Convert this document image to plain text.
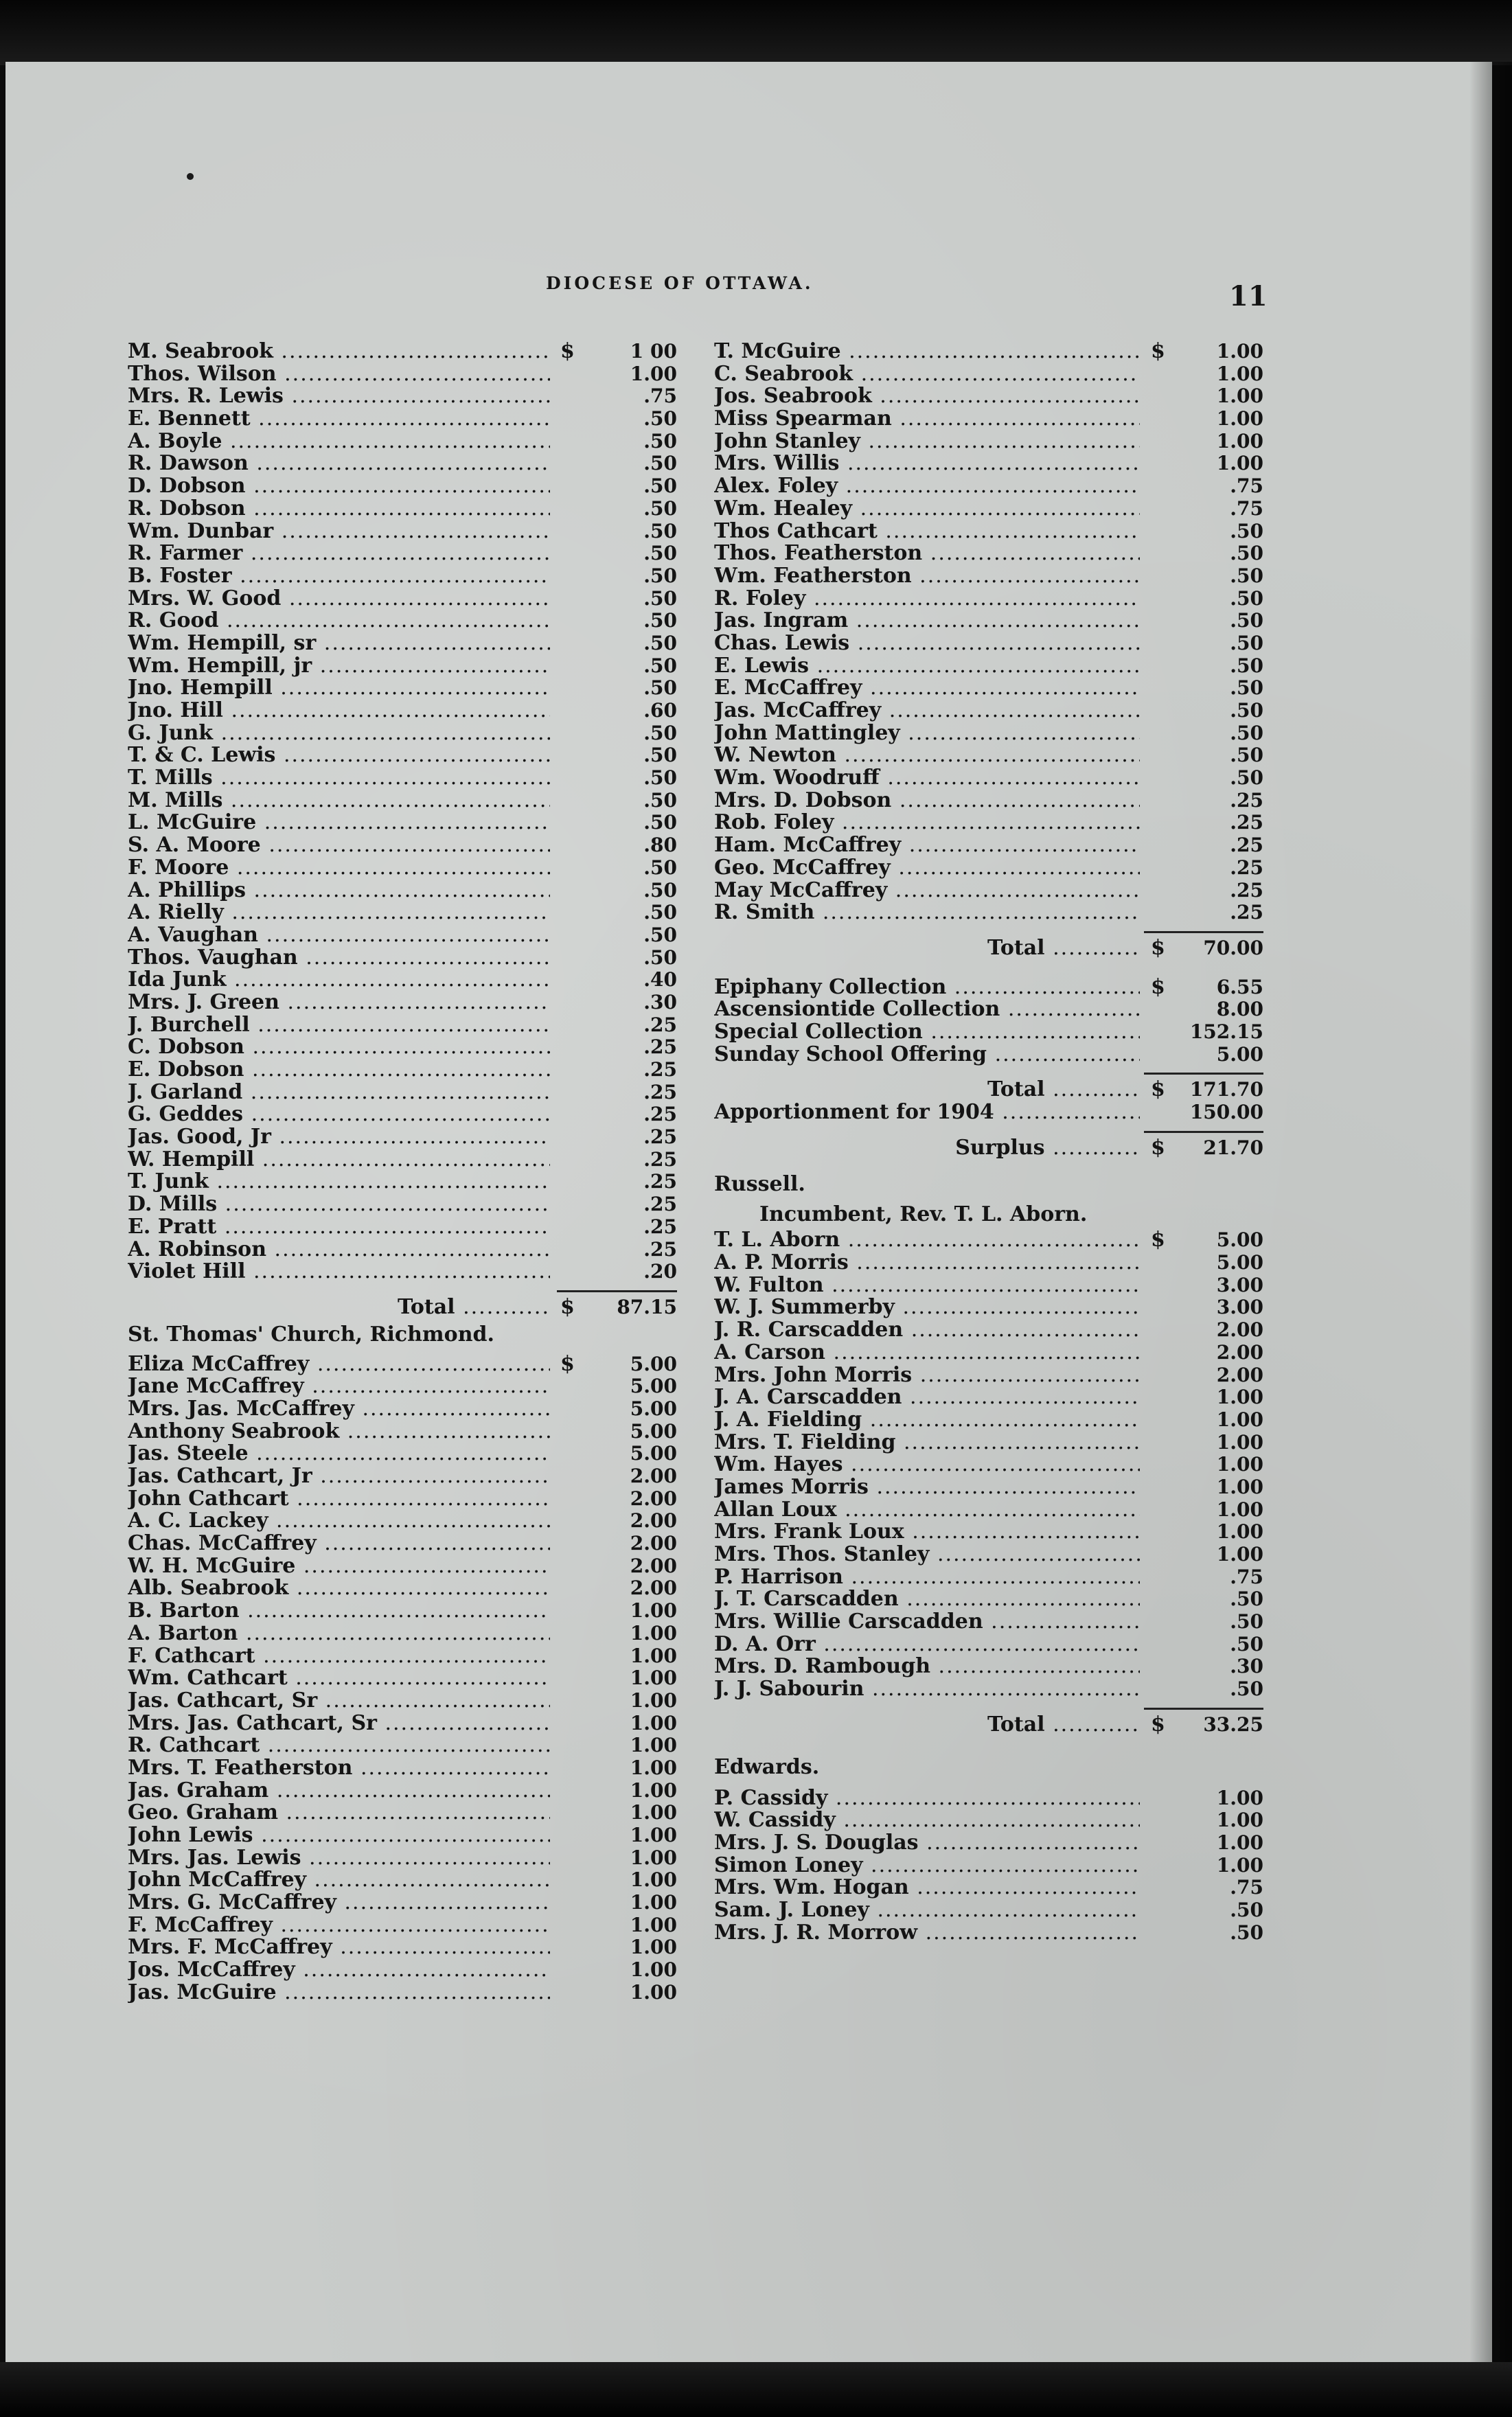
DIOCESE OF OTTAWA.	11
M. Seabrook .....	$	1 00
Thos. Wilson .....	1.00
Mrs. R. Lewis .....	.75
E. Bennett .....	.50
A. Boyle .....	.50
R. Dawson .....	.50
D. Dobson .....	.50
R. Dobson .....	.50
Wm. Dunbar .....	.50
R. Farmer .....	.50
B. Foster .....	.50
Mrs. W. Good .....	.50
R. Good .....	.50
Wm. Hempill, sr .....	.50
Wm. Hempill, jr .....	.50
Jno. Hempill .....	.50
Jno. Hill .....	.60
G. Junk .....	.50
T. & C. Lewis .....	.50
T. Mills .....	.50
M. Mills .....	.50
L. McGuire .....	.50
S. A. Moore .....	.80
F. Moore .....	.50
A. Phillips .....	.50
A. Rielly .....	.50
A. Vaughan .....	.50
Thos. Vaughan .....	.50
Ida Junk .....	.40
Mrs. J. Green .....	.30
J. Burchell .....	.25
C. Dobson .....	.25
E. Dobson .....	.25
J. Garland .....	.25
G. Geddes .....	.25
Jas. Good, Jr .....	.25
W. Hempill .....	.25
T. Junk .....	.25
D. Mills .....	.25
E. Pratt .....	.25
A. Robinson .....	.25
Violet Hill .....	.20
Total .....	$	87.15
St. Thomas' Church, Richmond.
Eliza McCaffrey .....	$	5.00
Jane McCaffrey .....	5.00
Mrs. Jas. McCaffrey .....	5.00
Anthony Seabrook .....	5.00
Jas. Steele .....	5.00
Jas. Cathcart, Jr .....	2.00
John Cathcart .....	2.00
A. C. Lackey .....	2.00
Chas. McCaffrey .....	2.00
W. H. McGuire .....	2.00
Alb. Seabrook .....	2.00
B. Barton .....	1.00
A. Barton .....	1.00
F. Cathcart .....	1.00
Wm. Cathcart .....	1.00
Jas. Cathcart, Sr .....	1.00
Mrs. Jas. Cathcart, Sr .....	1.00
R. Cathcart .....	1.00
Mrs. T. Featherston .....	1.00
Jas. Graham .....	1.00
Geo. Graham .....	1.00
John Lewis .....	1.00
Mrs. Jas. Lewis .....	1.00
John McCaffrey .....	1.00
Mrs. G. McCaffrey .....	1.00
F. McCaffrey .....	1.00
Mrs. F. McCaffrey .....	1.00
Jos. McCaffrey .....	1.00
Jas. McGuire .....	1.00
T. McGuire .....	$	1.00
C. Seabrook .....	1.00
Jos. Seabrook .....	1.00
Miss Spearman .....	1.00
John Stanley .....	1.00
Mrs. Willis .....	1.00
Alex. Foley .....	.75
Wm. Healey .....	.75
Thos Cathcart .....	.50
Thos. Featherston .....	.50
Wm. Featherston .....	.50
R. Foley .....	.50
Jas. Ingram .....	.50
Chas. Lewis .....	.50
E. Lewis .....	.50
E. McCaffrey .....	.50
Jas. McCaffrey .....	.50
John Mattingley .....	.50
W. Newton .....	.50
Wm. Woodruff .....	.50
Mrs. D. Dobson .....	.25
Rob. Foley .....	.25
Ham. McCaffrey .....	.25
Geo. McCaffrey .....	.25
May McCaffrey .....	.25
R. Smith .....	.25
Total .....	$	70.00
Epiphany Collection .....	$	6.55
Ascensiontide Collection .....	8.00
Special Collection .....	152.15
Sunday School Offering .....	5.00
Total .....	$ 171.70
Apportionment for 1904 .....	150.00
Surplus .....	$	21.70
Russell.
Incumbent, Rev. T. L. Aborn.
T. L. Aborn .....	$	5.00
A. P. Morris .....	5.00
W. Fulton .....	3.00
W. J. Summerby .....	3.00
J. R. Carscadden .....	2.00
A. Carson .....	2.00
Mrs. John Morris .....	2.00
J. A. Carscadden .....	1.00
J. A. Fielding .....	1.00
Mrs. T. Fielding .....	1.00
Wm. Hayes .....	1.00
James Morris .....	1.00
Allan Loux .....	1.00
Mrs. Frank Loux .....	1.00
Mrs. Thos. Stanley .....	1.00
P. Harrison .....	.75
J. T. Carscadden .....	.50
Mrs. Willie Carscadden .....	.50
D. A. Orr .....	.50
Mrs. D. Rambough .....	.30
J. J. Sabourin .....	.50
Total .....	$	33.25
Edwards.
P. Cassidy .....	1.00
W. Cassidy .....	1.00
Mrs. J. S. Douglas .....	1.00
Simon Loney .....	1.00
Mrs. Wm. Hogan .....	.75
Sam. J. Loney .....	.50
Mrs. J. R. Morrow .....	.50
